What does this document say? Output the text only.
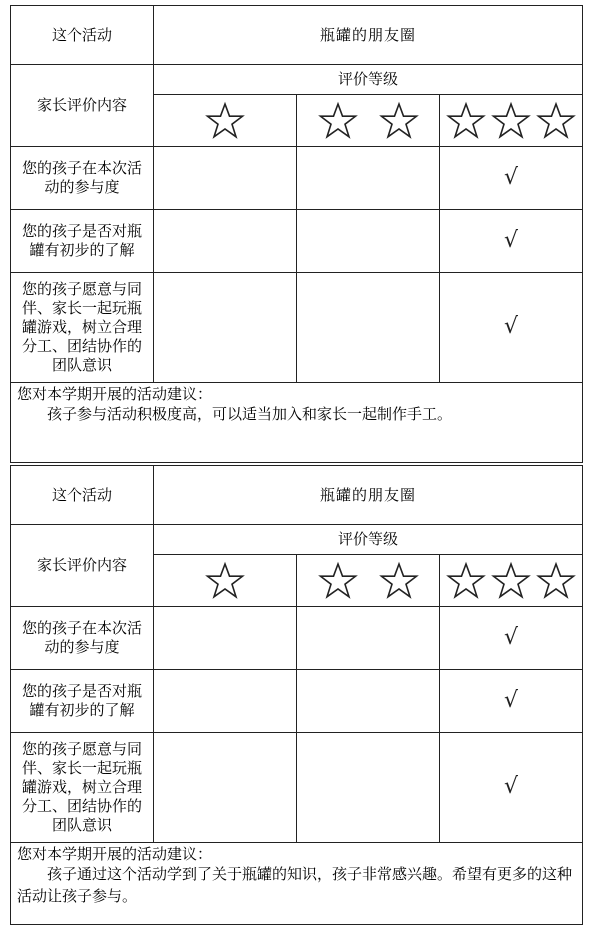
这个活动	瓶罐的朋友圈		
家长评价内容	评价等级		

您的孩子在本次活动的参与度			√
您的孩子是否对瓶罐有初步的了解			√
您的孩子愿意与同伴、家长一起玩瓶罐游戏，树立合理分工、团结协作的团队意识			√

您对本学期开展的活动建议：
孩子参与活动积极度高，可以适当加入和家长一起制作手工。			
这个活动	瓶罐的朋友圈		
家长评价内容	评价等级		

您的孩子在本次活动的参与度			√
您的孩子是否对瓶罐有初步的了解			√
您的孩子愿意与同伴、家长一起玩瓶罐游戏，树立合理分工、团结协作的团队意识			√

您对本学期开展的活动建议：
孩子通过这个活动学到了关于瓶罐的知识，孩子非常感兴趣。希望有更多的这种活动让孩子参与。			
